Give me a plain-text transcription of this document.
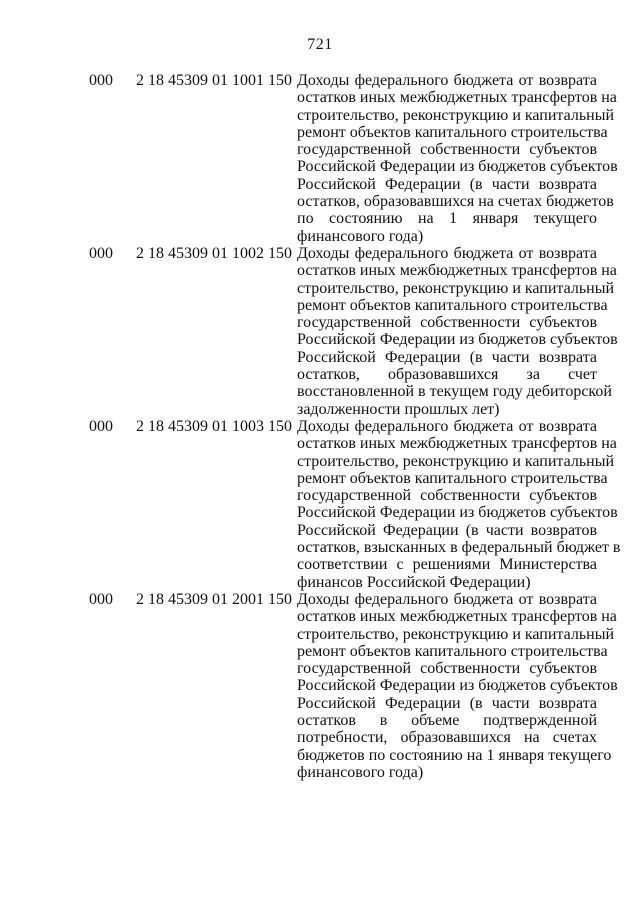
721
000 2 18 45309 01 1001 150 Доходы федерального бюджета от возврата
остатков иных межбюджетных трансфертов на
строительство, реконструкцию и капитальный
ремонт объектов капитального строительства
государственной собственности субъектов
Российской Федерации из бюджетов субъектов
Российской Федерации (в части возврата
остатков, образовавшихся на счетах бюджетов
по состоянию на 1 января текущего
финансового года)
000 2 18 45309 01 1002 150 Доходы федерального бюджета от возврата
остатков иных межбюджетных трансфертов на
строительство, реконструкцию и капитальный
ремонт объектов капитального строительства
государственной собственности субъектов
Российской Федерации из бюджетов субъектов
Российской Федерации (в части возврата
остатков, образовавшихся за счет
восстановленной в текущем году дебиторской
задолженности прошлых лет)
000 2 18 45309 01 1003 150 Доходы федерального бюджета от возврата
остатков иных межбюджетных трансфертов на
строительство, реконструкцию и капитальный
ремонт объектов капитального строительства
государственной собственности субъектов
Российской Федерации из бюджетов субъектов
Российской Федерации (в части возвратов
остатков, взысканных в федеральный бюджет в
соответствии с решениями Министерства
финансов Российской Федерации)
000 2 18 45309 01 2001 150 Доходы федерального бюджета от возврата
остатков иных межбюджетных трансфертов на
строительство, реконструкцию и капитальный
ремонт объектов капитального строительства
государственной собственности субъектов
Российской Федерации из бюджетов субъектов
Российской Федерации (в части возврата
остатков в объеме подтвержденной
потребности, образовавшихся на счетах
бюджетов по состоянию на 1 января текущего
финансового года)
